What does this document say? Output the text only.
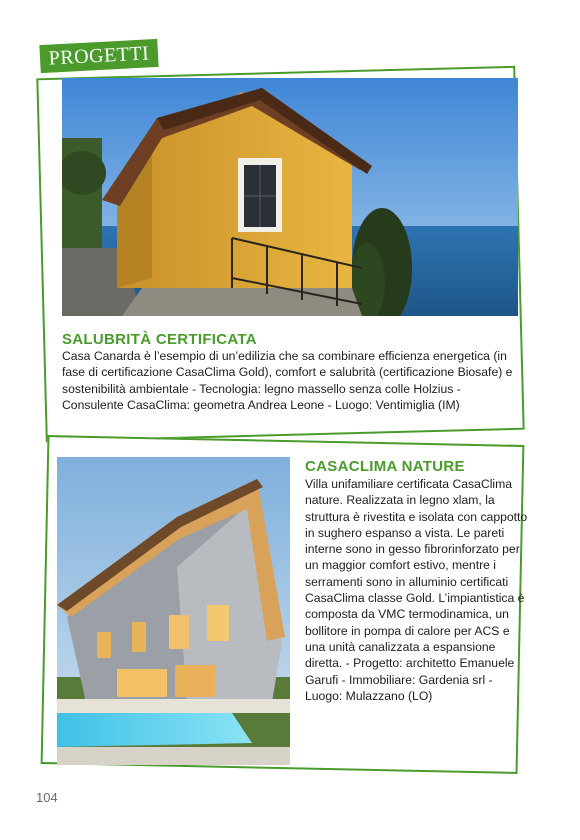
PROGETTI
SALUBRITÀ CERTIFICATA

Casa Canarda è l’esempio di un’edilizia che sa combinare efficienza energetica (in fase di certificazione CasaClima Gold), comfort e salubrità (certificazione Biosafe) e sostenibilità ambientale - Tecnologia: legno massello senza colle Holzius - Consulente CasaClima: geometra Andrea Leone - Luogo: Ventimiglia (IM)

CASACLIMA NATURE

Villa unifamiliare certificata CasaClima nature. Realizzata in legno xlam, la struttura è rivestita e isolata con cappotto in sughero espanso a vista. Le pareti interne sono in gesso fibrorinforzato per un maggior comfort estivo, mentre i serramenti sono in alluminio certificati CasaClima classe Gold. L’impiantistica è composta da VMC termodinamica, un bollitore in pompa di calore per ACS e una unità canalizzata a espansione diretta. - Progetto: architetto Emanuele Garufi - Immobiliare: Gardenia srl - Luogo: Mulazzano (LO)

104
